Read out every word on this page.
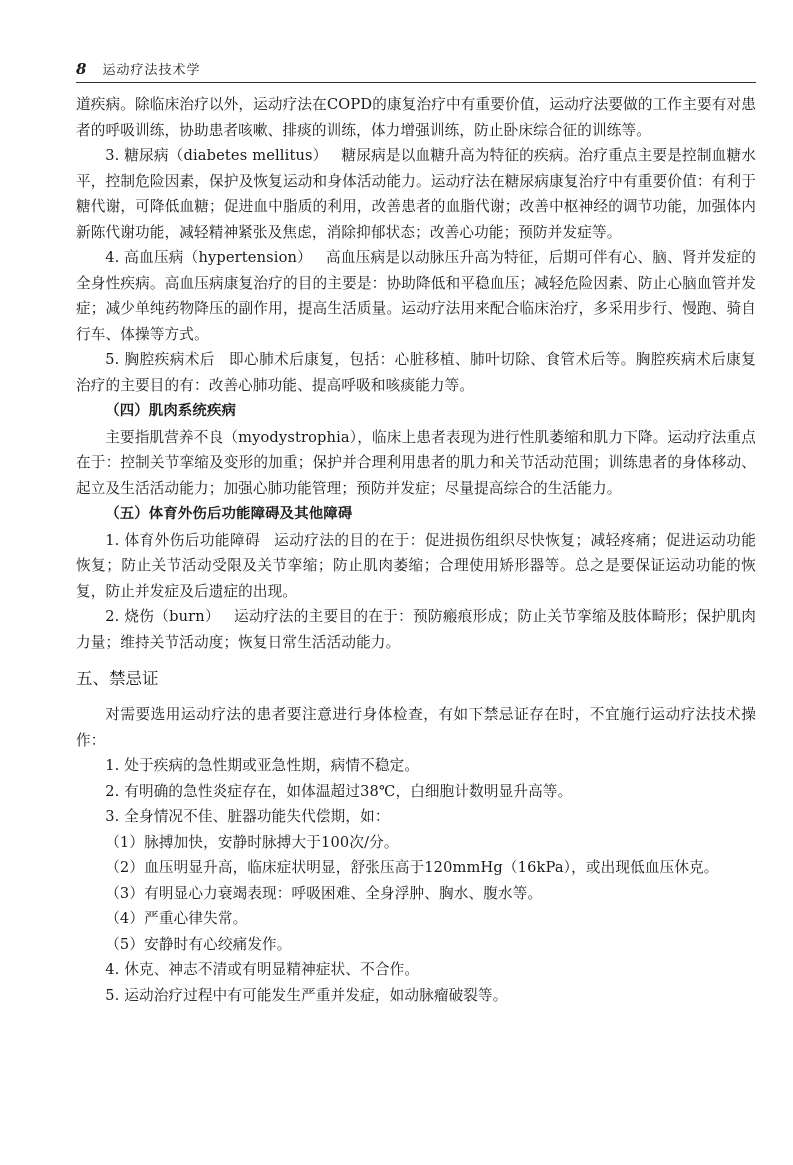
8 运动疗法技术学

道疾病。除临床治疗以外，运动疗法在COPD的康复治疗中有重要价值，运动疗法要做的工作主要有对患者的呼吸训练，协助患者咳嗽、排痰的训练，体力增强训练，防止卧床综合征的训练等。

3. 糖尿病（diabetes mellitus） 糖尿病是以血糖升高为特征的疾病。治疗重点主要是控制血糖水平，控制危险因素，保护及恢复运动和身体活动能力。运动疗法在糖尿病康复治疗中有重要价值：有利于糖代谢，可降低血糖；促进血中脂质的利用，改善患者的血脂代谢；改善中枢神经的调节功能，加强体内新陈代谢功能，减轻精神紧张及焦虑，消除抑郁状态；改善心功能；预防并发症等。

4. 高血压病（hypertension） 高血压病是以动脉压升高为特征，后期可伴有心、脑、肾并发症的全身性疾病。高血压病康复治疗的目的主要是：协助降低和平稳血压；减轻危险因素、防止心脑血管并发症；减少单纯药物降压的副作用，提高生活质量。运动疗法用来配合临床治疗，多采用步行、慢跑、骑自行车、体操等方式。

5. 胸腔疾病术后 即心肺术后康复，包括：心脏移植、肺叶切除、食管术后等。胸腔疾病术后康复治疗的主要目的有：改善心肺功能、提高呼吸和咳痰能力等。

（四）肌肉系统疾病

主要指肌营养不良（myodystrophia），临床上患者表现为进行性肌萎缩和肌力下降。运动疗法重点在于：控制关节挛缩及变形的加重；保护并合理利用患者的肌力和关节活动范围；训练患者的身体移动、起立及生活活动能力；加强心肺功能管理；预防并发症；尽量提高综合的生活能力。

（五）体育外伤后功能障碍及其他障碍

1. 体育外伤后功能障碍 运动疗法的目的在于：促进损伤组织尽快恢复；减轻疼痛；促进运动功能恢复；防止关节活动受限及关节挛缩；防止肌肉萎缩；合理使用矫形器等。总之是要保证运动功能的恢复，防止并发症及后遗症的出现。

2. 烧伤（burn） 运动疗法的主要目的在于：预防瘢痕形成；防止关节挛缩及肢体畸形；保护肌肉力量；维持关节活动度；恢复日常生活活动能力。

五、禁忌证

对需要选用运动疗法的患者要注意进行身体检查，有如下禁忌证存在时，不宜施行运动疗法技术操作：

1. 处于疾病的急性期或亚急性期，病情不稳定。

2. 有明确的急性炎症存在，如体温超过38℃，白细胞计数明显升高等。

3. 全身情况不佳、脏器功能失代偿期，如：

（1）脉搏加快，安静时脉搏大于100次/分。

（2）血压明显升高，临床症状明显，舒张压高于120mmHg（16kPa），或出现低血压休克。

（3）有明显心力衰竭表现：呼吸困难、全身浮肿、胸水、腹水等。

（4）严重心律失常。

（5）安静时有心绞痛发作。

4. 休克、神志不清或有明显精神症状、不合作。

5. 运动治疗过程中有可能发生严重并发症，如动脉瘤破裂等。
